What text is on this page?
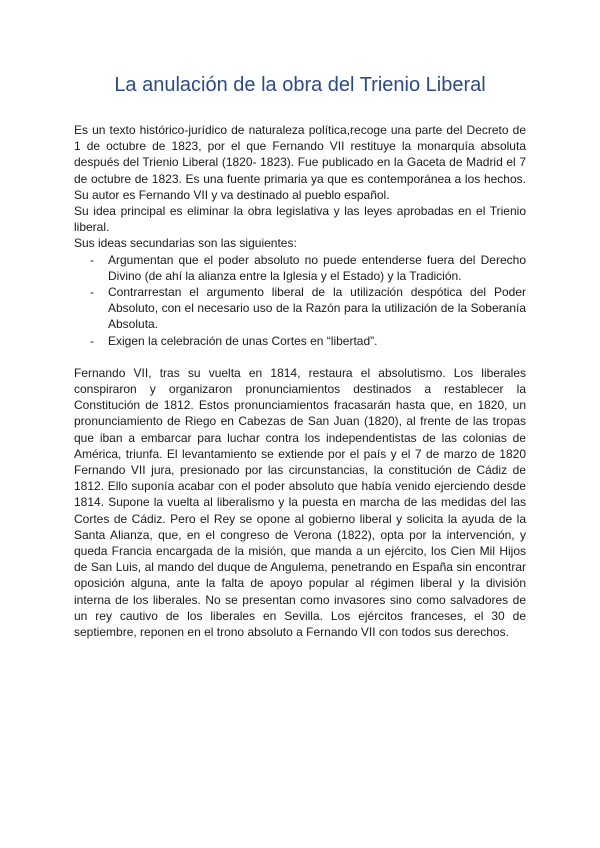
La anulación de la obra del Trienio Liberal

Es un texto histórico-jurídico de naturaleza política,recoge una parte del Decreto de 1 de octubre de 1823, por el que Fernando VII restituye la monarquía absoluta después del Trienio Liberal (1820- 1823). Fue publicado en la Gaceta de Madrid el 7 de octubre de 1823. Es una fuente primaria ya que es contemporánea a los hechos. Su autor es Fernando VII y va destinado al pueblo español.

Su idea principal es eliminar la obra legislativa y las leyes aprobadas en el Trienio liberal.

Sus ideas secundarias son las siguientes:

- Argumentan que el poder absoluto no puede entenderse fuera del Derecho Divino (de ahí la alianza entre la Iglesia y el Estado) y la Tradición.
- Contrarrestan el argumento liberal de la utilización despótica del Poder Absoluto, con el necesario uso de la Razón para la utilización de la Soberanía Absoluta.
- Exigen la celebración de unas Cortes en “libertad”.

Fernando VII, tras su vuelta en 1814, restaura el absolutismo. Los liberales conspiraron y organizaron pronunciamientos destinados a restablecer la Constitución de 1812. Estos pronunciamientos fracasarán hasta que, en 1820, un pronunciamiento de Riego en Cabezas de San Juan (1820), al frente de las tropas que iban a embarcar para luchar contra los independentistas de las colonias de América, triunfa. El levantamiento se extiende por el país y el 7 de marzo de 1820 Fernando VII jura, presionado por las circunstancias, la constitución de Cádiz de 1812. Ello suponía acabar con el poder absoluto que había venido ejerciendo desde 1814. Supone la vuelta al liberalismo y la puesta en marcha de las medidas del las Cortes de Cádiz. Pero el Rey se opone al gobierno liberal y solicita la ayuda de la Santa Alianza, que, en el congreso de Verona (1822), opta por la intervención, y queda Francia encargada de la misión, que manda a un ejército, los Cien Mil Hijos de San Luis, al mando del duque de Angulema, penetrando en España sin encontrar oposición alguna, ante la falta de apoyo popular al régimen liberal y la división interna de los liberales. No se presentan como invasores sino como salvadores de un rey cautivo de los liberales en Sevilla. Los ejércitos franceses, el 30 de septiembre, reponen en el trono absoluto a Fernando VII con todos sus derechos.
